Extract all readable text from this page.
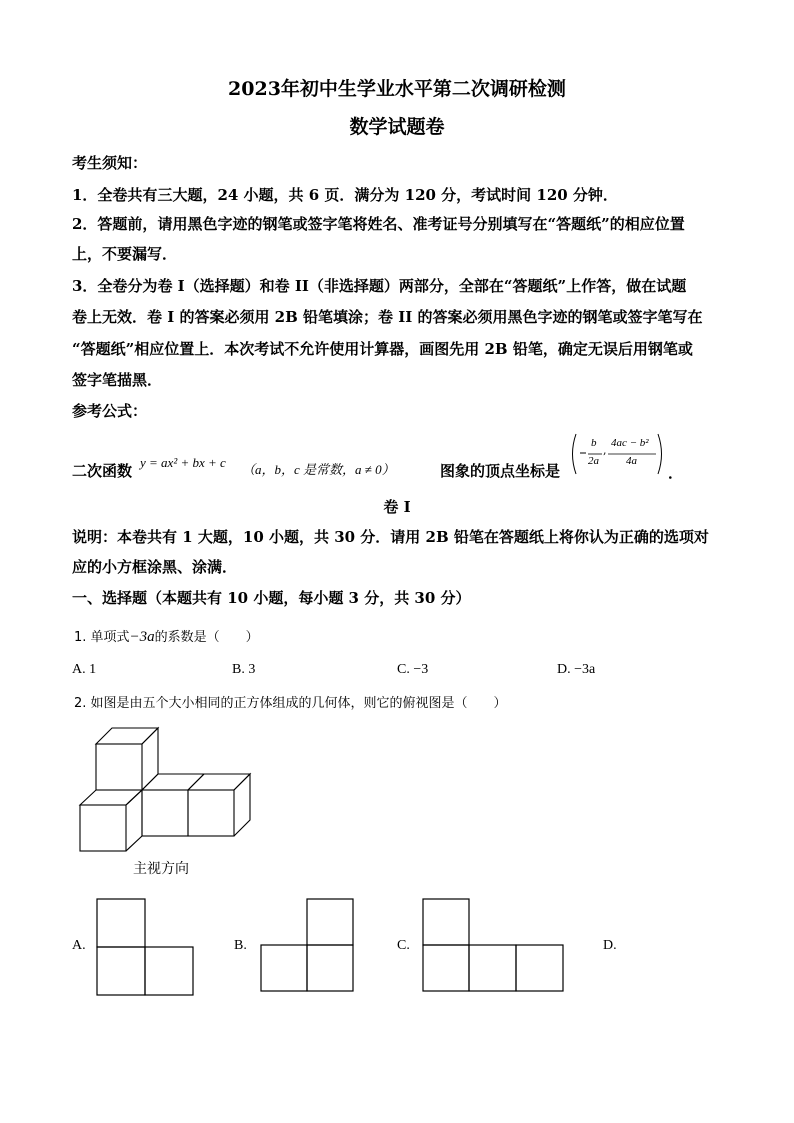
2023年初中生学业水平第二次调研检测
数学试题卷
考生须知：
1．全卷共有三大题，24 小题，共 6 页．满分为 120 分，考试时间 120 分钟．
2．答题前，请用黑色字迹的钢笔或签字笔将姓名、准考证号分别填写在“答题纸”的相应位置
上，不要漏写．
3．全卷分为卷 I（选择题）和卷 II（非选择题）两部分，全部在“答题纸”上作答，做在试题
卷上无效．卷 I 的答案必须用 2B 铅笔填涂；卷 II 的答案必须用黑色字迹的钢笔或签字笔写在
“答题纸”相应位置上．本次考试不允许使用计算器，画图先用 2B 铅笔，确定无误后用钢笔或
签字笔描黑．
参考公式：
二次函数 y = ax² + bx + c （a，b，c 是常数，a ≠ 0）	图象的顶点坐标是
b
2a
,
4ac − b²
4a
．
卷 I
说明：本卷共有 1 大题，10 小题，共 30 分．请用 2B 铅笔在答题纸上将你认为正确的选项对
应的小方框涂黑、涂满．
一、选择题（本题共有 10 小题，每小题 3 分，共 30 分）
1. 单项式−3a的系数是（　　）
A. 1	B. 3	C. −3	D. −3a
2. 如图是由五个大小相同的正方体组成的几何体，则它的俯视图是（　　）
主视方向
A.	B.	C.	D.
